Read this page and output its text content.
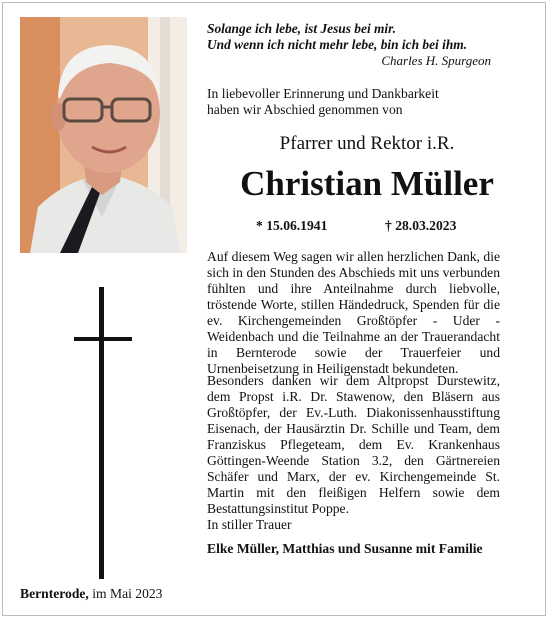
Solange ich lebe, ist Jesus bei mir.
Und wenn ich nicht mehr lebe, bin ich bei ihm.
Charles H. Spurgeon
In liebevoller Erinnerung und Dankbarkeit
haben wir Abschied genommen von
Pfarrer und Rektor i.R.
Christian Müller
* 15.06.1941	† 28.03.2023
Auf diesem Weg sagen wir allen herzlichen Dank, die sich in den Stunden des Abschieds mit uns verbunden fühlten und ihre Anteilnahme durch liebvolle, tröstende Worte, stillen Händedruck, Spenden für die ev. Kirchengemeinden Großtöpfer - Uder - Weidenbach und die Teilnahme an der Trauerandacht in Bernterode sowie der Trauerfeier und Urnenbeisetzung in Heiligenstadt bekundeten.
Besonders danken wir dem Altpropst Durstewitz, dem Propst i.R. Dr. Stawenow, den Bläsern aus Großtöpfer, der Ev.-Luth. Diakonissenhausstiftung Eisenach, der Hausärztin Dr. Schille und Team, dem Franziskus Pflegeteam, dem Ev. Krankenhaus Göttingen-Weende Station 3.2, den Gärtnereien Schäfer und Marx, der ev. Kirchengemeinde St. Martin mit den fleißigen Helfern sowie dem Bestattungsinstitut Poppe.
In stiller Trauer
Elke Müller, Matthias und Susanne mit Familie
Bernterode, im Mai 2023
